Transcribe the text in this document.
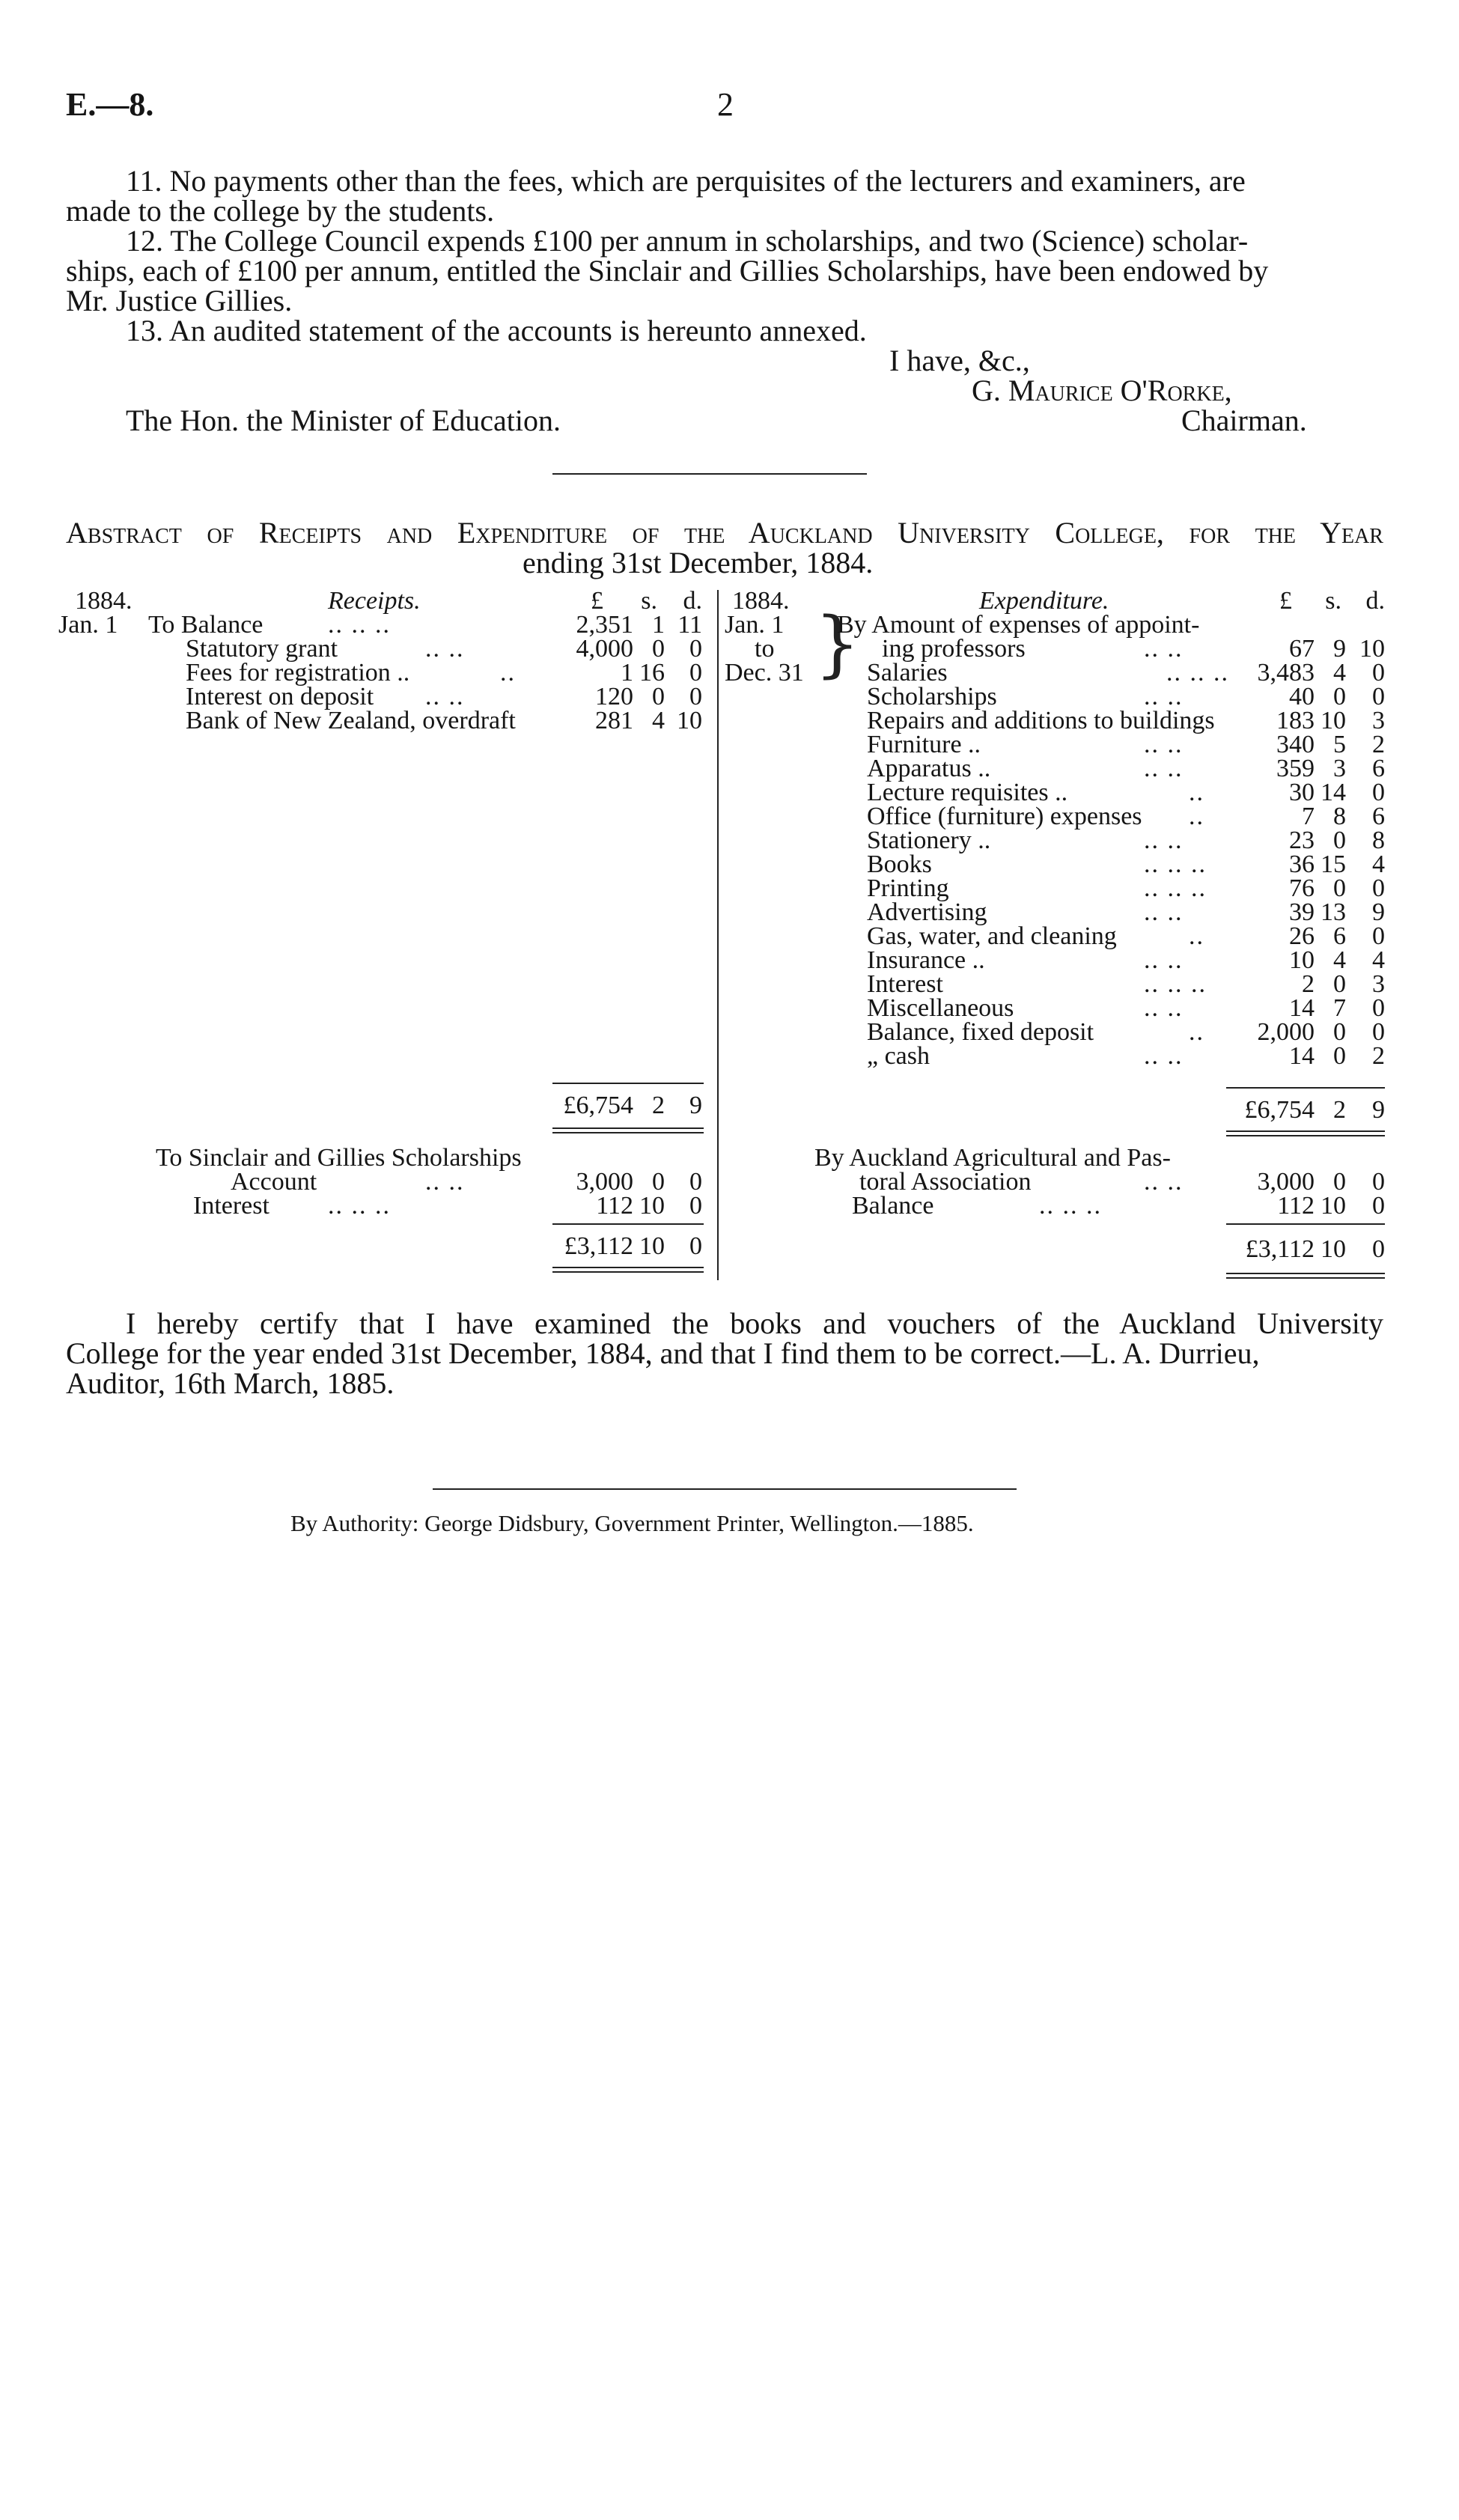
E.—8.	2
11. No payments other than the fees, which are perquisites of the lecturers and examiners, are
made to the college by the students.
12. The College Council expends £100 per annum in scholarships, and two (Science) scholar-
ships, each of £100 per annum, entitled the Sinclair and Gillies Scholarships, have been endowed by
Mr. Justice Gillies.
13. An audited statement of the accounts is hereunto annexed.
I have, &c.,
G. Maurice O'Rorke,
The Hon. the Minister of Education.	Chairman.
Abstract of Receipts and Expenditure of the Auckland University College, for the Year
ending 31st December, 1884.
1884.	Receipts.	£	s.	d.
Jan. 1 To Balance	.. .. ..	2,351 1 11
Statutory grant	.. ..	4,000 0 0
Fees for registration ..	..	1 16 0
Interest on deposit .. ..	120 0 0
Bank of New Zealand, overdraft	281 4 10
£6,754 2 9
To Sinclair and Gillies Scholarships
Account	.. ..	3,000 0 0
Interest .. .. ..	112 10 0
£3,112 10 0
1884.	Expenditure.	£	s. d.
Jan. 1
to
Dec. 31 }
By Amount of expenses of appoint-
ing professors	.. ..	67 9 10
Salaries	.. .. ..	3,483 4	0
Scholarships	.. ..	40 0	0
Repairs and additions to buildings	183 10	3
Furniture ..	.. ..	340 5	2
Apparatus ..	.. ..	359 3	6
Lecture requisites ..	..	30 14	0
Office (furniture) expenses ..	7 8	6
Stationery ..	.. ..	23 0	8
Books	.. .. ..	36 15	4
Printing	.. .. ..	76 0	0
Advertising	.. ..	39 13	9
Gas, water, and cleaning	..	26 6	0
Insurance ..	.. ..	10 4	4
Interest	.. .. ..	2 0	3
Miscellaneous	.. ..	14 7	0
Balance, fixed deposit	..	2,000 0	0
„ cash	.. ..	14 0	2
£6,754 2	9
By Auckland Agricultural and Pas-
toral Association	.. ..	3,000 0	0
Balance	.. .. ..	112 10	0
£3,112 10	0
I hereby certify that I have examined the books and vouchers of the Auckland University
College for the year ended 31st December, 1884, and that I find them to be correct.—L. A. Durrieu,
Auditor, 16th March, 1885.
By Authority: George Didsbury, Government Printer, Wellington.—1885.
